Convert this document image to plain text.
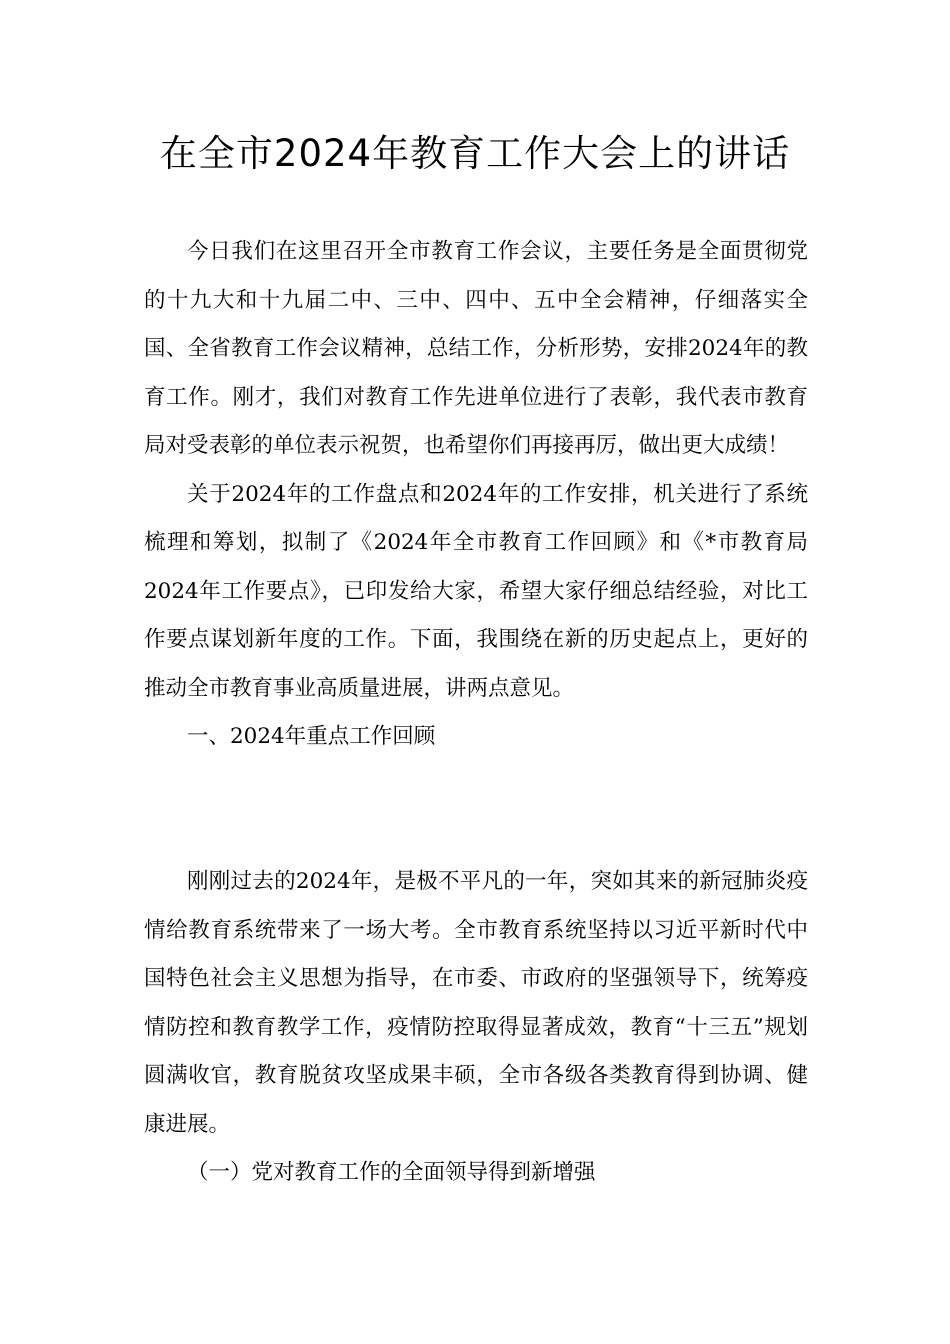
在全市2024年教育工作大会上的讲话

今日我们在这里召开全市教育工作会议，主要任务是全面贯彻党的十九大和十九届二中、三中、四中、五中全会精神，仔细落实全国、全省教育工作会议精神，总结工作，分析形势，安排2024年的教育工作。刚才，我们对教育工作先进单位进行了表彰，我代表市教育局对受表彰的单位表示祝贺，也希望你们再接再厉，做出更大成绩！

关于2024年的工作盘点和2024年的工作安排，机关进行了系统梳理和筹划，拟制了《2024年全市教育工作回顾》和《*市教育局2024年工作要点》，已印发给大家，希望大家仔细总结经验，对比工作要点谋划新年度的工作。下面，我围绕在新的历史起点上，更好的推动全市教育事业高质量进展，讲两点意见。

一、2024年重点工作回顾

刚刚过去的2024年，是极不平凡的一年，突如其来的新冠肺炎疫情给教育系统带来了一场大考。全市教育系统坚持以习近平新时代中国特色社会主义思想为指导，在市委、市政府的坚强领导下，统筹疫情防控和教育教学工作，疫情防控取得显著成效，教育“十三五”规划圆满收官，教育脱贫攻坚成果丰硕，全市各级各类教育得到协调、健康进展。

（一）党对教育工作的全面领导得到新增强
